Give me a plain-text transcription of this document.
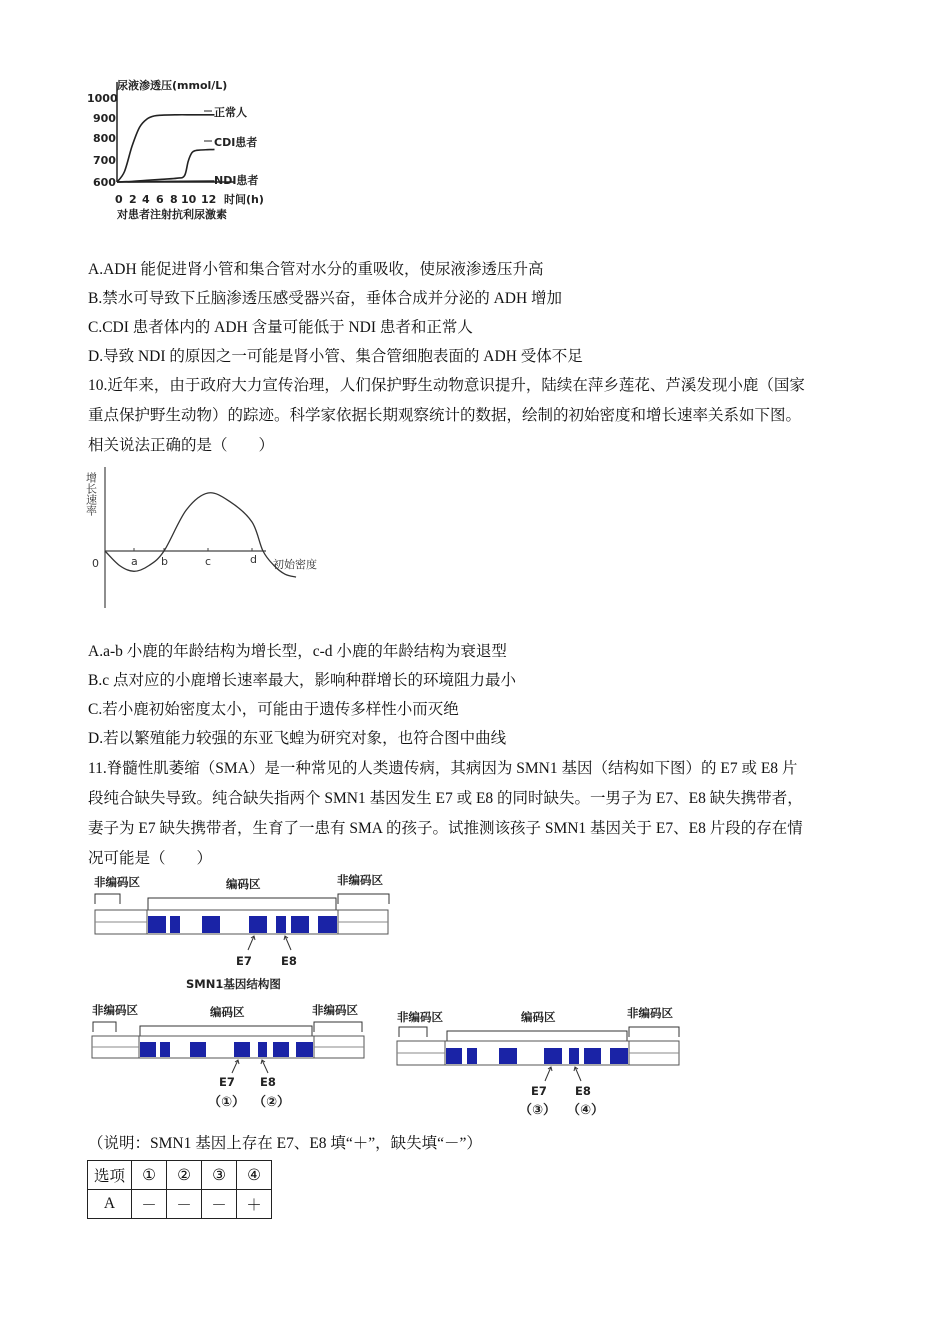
尿液渗透压(mmol/L)
1000
900
800
700
600
0 2 4 6 8 10 12 时间(h)
对患者注射抗利尿激素
正常人
CDI患者
NDI患者
A.ADH 能促进肾小管和集合管对水分的重吸收，使尿液渗透压升高
B.禁水可导致下丘脑渗透压感受器兴奋，垂体合成并分泌的 ADH 增加
C.CDI 患者体内的 ADH 含量可能低于 NDI 患者和正常人
D.导致 NDI 的原因之一可能是肾小管、集合管细胞表面的 ADH 受体不足
10.近年来，由于政府大力宣传治理，人们保护野生动物意识提升，陆续在萍乡莲花、芦溪发现小鹿（国家
重点保护野生动物）的踪迹。科学家依据长期观察统计的数据，绘制的初始密度和增长速率关系如下图。
相关说法正确的是（　　）
增长速率
0	a b	c	d 初始密度
A.a-b 小鹿的年龄结构为增长型，c-d 小鹿的年龄结构为衰退型
B.c 点对应的小鹿增长速率最大，影响种群增长的环境阻力最小
C.若小鹿初始密度太小，可能由于遗传多样性小而灭绝
D.若以繁殖能力较强的东亚飞蝗为研究对象，也符合图中曲线
11.脊髓性肌萎缩（SMA）是一种常见的人类遗传病，其病因为 SMN1 基因（结构如下图）的 E7 或 E8 片
段纯合缺失导致。纯合缺失指两个 SMN1 基因发生 E7 或 E8 的同时缺失。一男子为 E7、E8 缺失携带者，
妻子为 E7 缺失携带者，生育了一患有 SMA 的孩子。试推测该孩子 SMN1 基因关于 E7、E8 片段的存在情
况可能是（　　）
非编码区	编码区	非编码区
E7	E8
SMN1基因结构图
非编码区	编码区	非编码区
E7 E8
（①） （②）
非编码区	编码区	非编码区
E7 E8
（③） （④）
（说明：SMN1 基因上存在 E7、E8 填“＋”，缺失填“－”）
选项	①	②	③	④
A	－	－	－	＋
